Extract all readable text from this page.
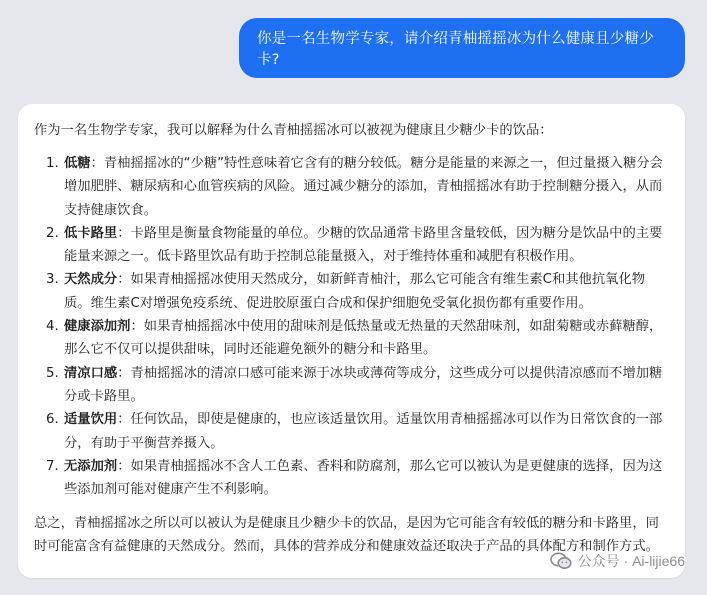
你是一名生物学专家，请介绍青柚摇摇冰为什么健康且少糖少卡?

作为一名生物学专家，我可以解释为什么青柚摇摇冰可以被视为健康且少糖少卡的饮品：

1. 低糖：青柚摇摇冰的“少糖”特性意味着它含有的糖分较低。糖分是能量的来源之一，但过量摄入糖分会增加肥胖、糖尿病和心血管疾病的风险。通过减少糖分的添加，青柚摇摇冰有助于控制糖分摄入，从而支持健康饮食。
2. 低卡路里：卡路里是衡量食物能量的单位。少糖的饮品通常卡路里含量较低，因为糖分是饮品中的主要能量来源之一。低卡路里饮品有助于控制总能量摄入，对于维持体重和减肥有积极作用。
3. 天然成分：如果青柚摇摇冰使用天然成分，如新鲜青柚汁，那么它可能含有维生素C和其他抗氧化物质。维生素C对增强免疫系统、促进胶原蛋白合成和保护细胞免受氧化损伤都有重要作用。
4. 健康添加剂：如果青柚摇摇冰中使用的甜味剂是低热量或无热量的天然甜味剂，如甜菊糖或赤藓糖醇，那么它不仅可以提供甜味，同时还能避免额外的糖分和卡路里。
5. 清凉口感：青柚摇摇冰的清凉口感可能来源于冰块或薄荷等成分，这些成分可以提供清凉感而不增加糖分或卡路里。
6. 适量饮用：任何饮品，即使是健康的，也应该适量饮用。适量饮用青柚摇摇冰可以作为日常饮食的一部分，有助于平衡营养摄入。
7. 无添加剂：如果青柚摇摇冰不含人工色素、香料和防腐剂，那么它可以被认为是更健康的选择，因为这些添加剂可能对健康产生不利影响。

总之，青柚摇摇冰之所以可以被认为是健康且少糖少卡的饮品，是因为它可能含有较低的糖分和卡路里，同时可能富含有益健康的天然成分。然而，具体的营养成分和健康效益还取决于产品的具体配方和制作方式。

公众号 · Ai-lijie66
